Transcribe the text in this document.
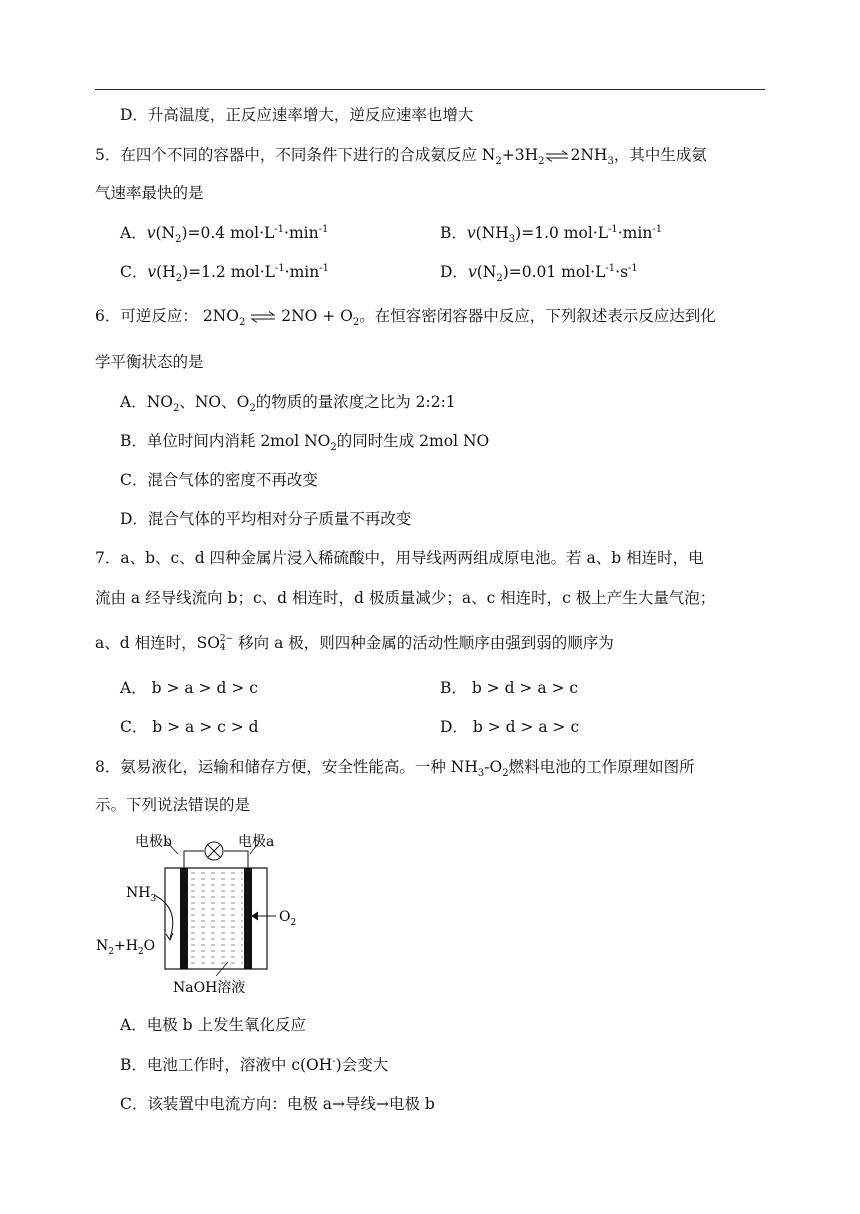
D．升高温度，正反应速率增大，逆反应速率也增大
5．在四个不同的容器中，不同条件下进行的合成氨反应 $N_2+3H_2\rightleftharpoons 2NH_3$，其中生成氨
气速率最快的是
A．$v(N_2)=0.4$ $mol\cdot L^{-1}\cdot\min^{-1}$	B．$v(NH_3)=1.0$ $mol\cdot L^{-1}\cdot\min^{-1}$
C．$v(H_2)=1.2$ $mol\cdot L^{-1}\cdot\min^{-1}$	D．$v(N_2)=0.01$ $mol\cdot L^{-1}\cdot s^{-1}$
6．可逆反应： $2NO_2$ ⇌ $2NO + O_2$。在恒容密闭容器中反应，下列叙述表示反应达到化
学平衡状态的是
A．$NO_2$、NO、$O_2$的物质的量浓度之比为 2:2:1
B．单位时间内消耗 2mol $NO_2$的同时生成 2mol NO
C．混合气体的密度不再改变
D．混合气体的平均相对分子质量不再改变
7．a、b、c、d 四种金属片浸入稀硫酸中，用导线两两组成原电池。若 a、b 相连时，电
流由 a 经导线流向 b；c、d 相连时，d 极质量减少；a、c 相连时，c 极上产生大量气泡；
a、d 相连时，SO2−
4 移向 a 极，则四种金属的活动性顺序由强到弱的顺序为
A． b > a > d > c	B． b > d > a > c
C． b > a > c > d	D． b > d > a > c
8．氨易液化，运输和储存方便，安全性能高。一种 $NH_3-O_2$燃料电池的工作原理如图所
示。下列说法错误的是
电极b	电极a
$NH_3$
$N_2+H_2O$
$O_2$
NaOH溶液
A．电极 b 上发生氧化反应
B．电池工作时，溶液中 c(OH-)会变大
C．该装置中电流方向：电极 a→导线→电极 b
